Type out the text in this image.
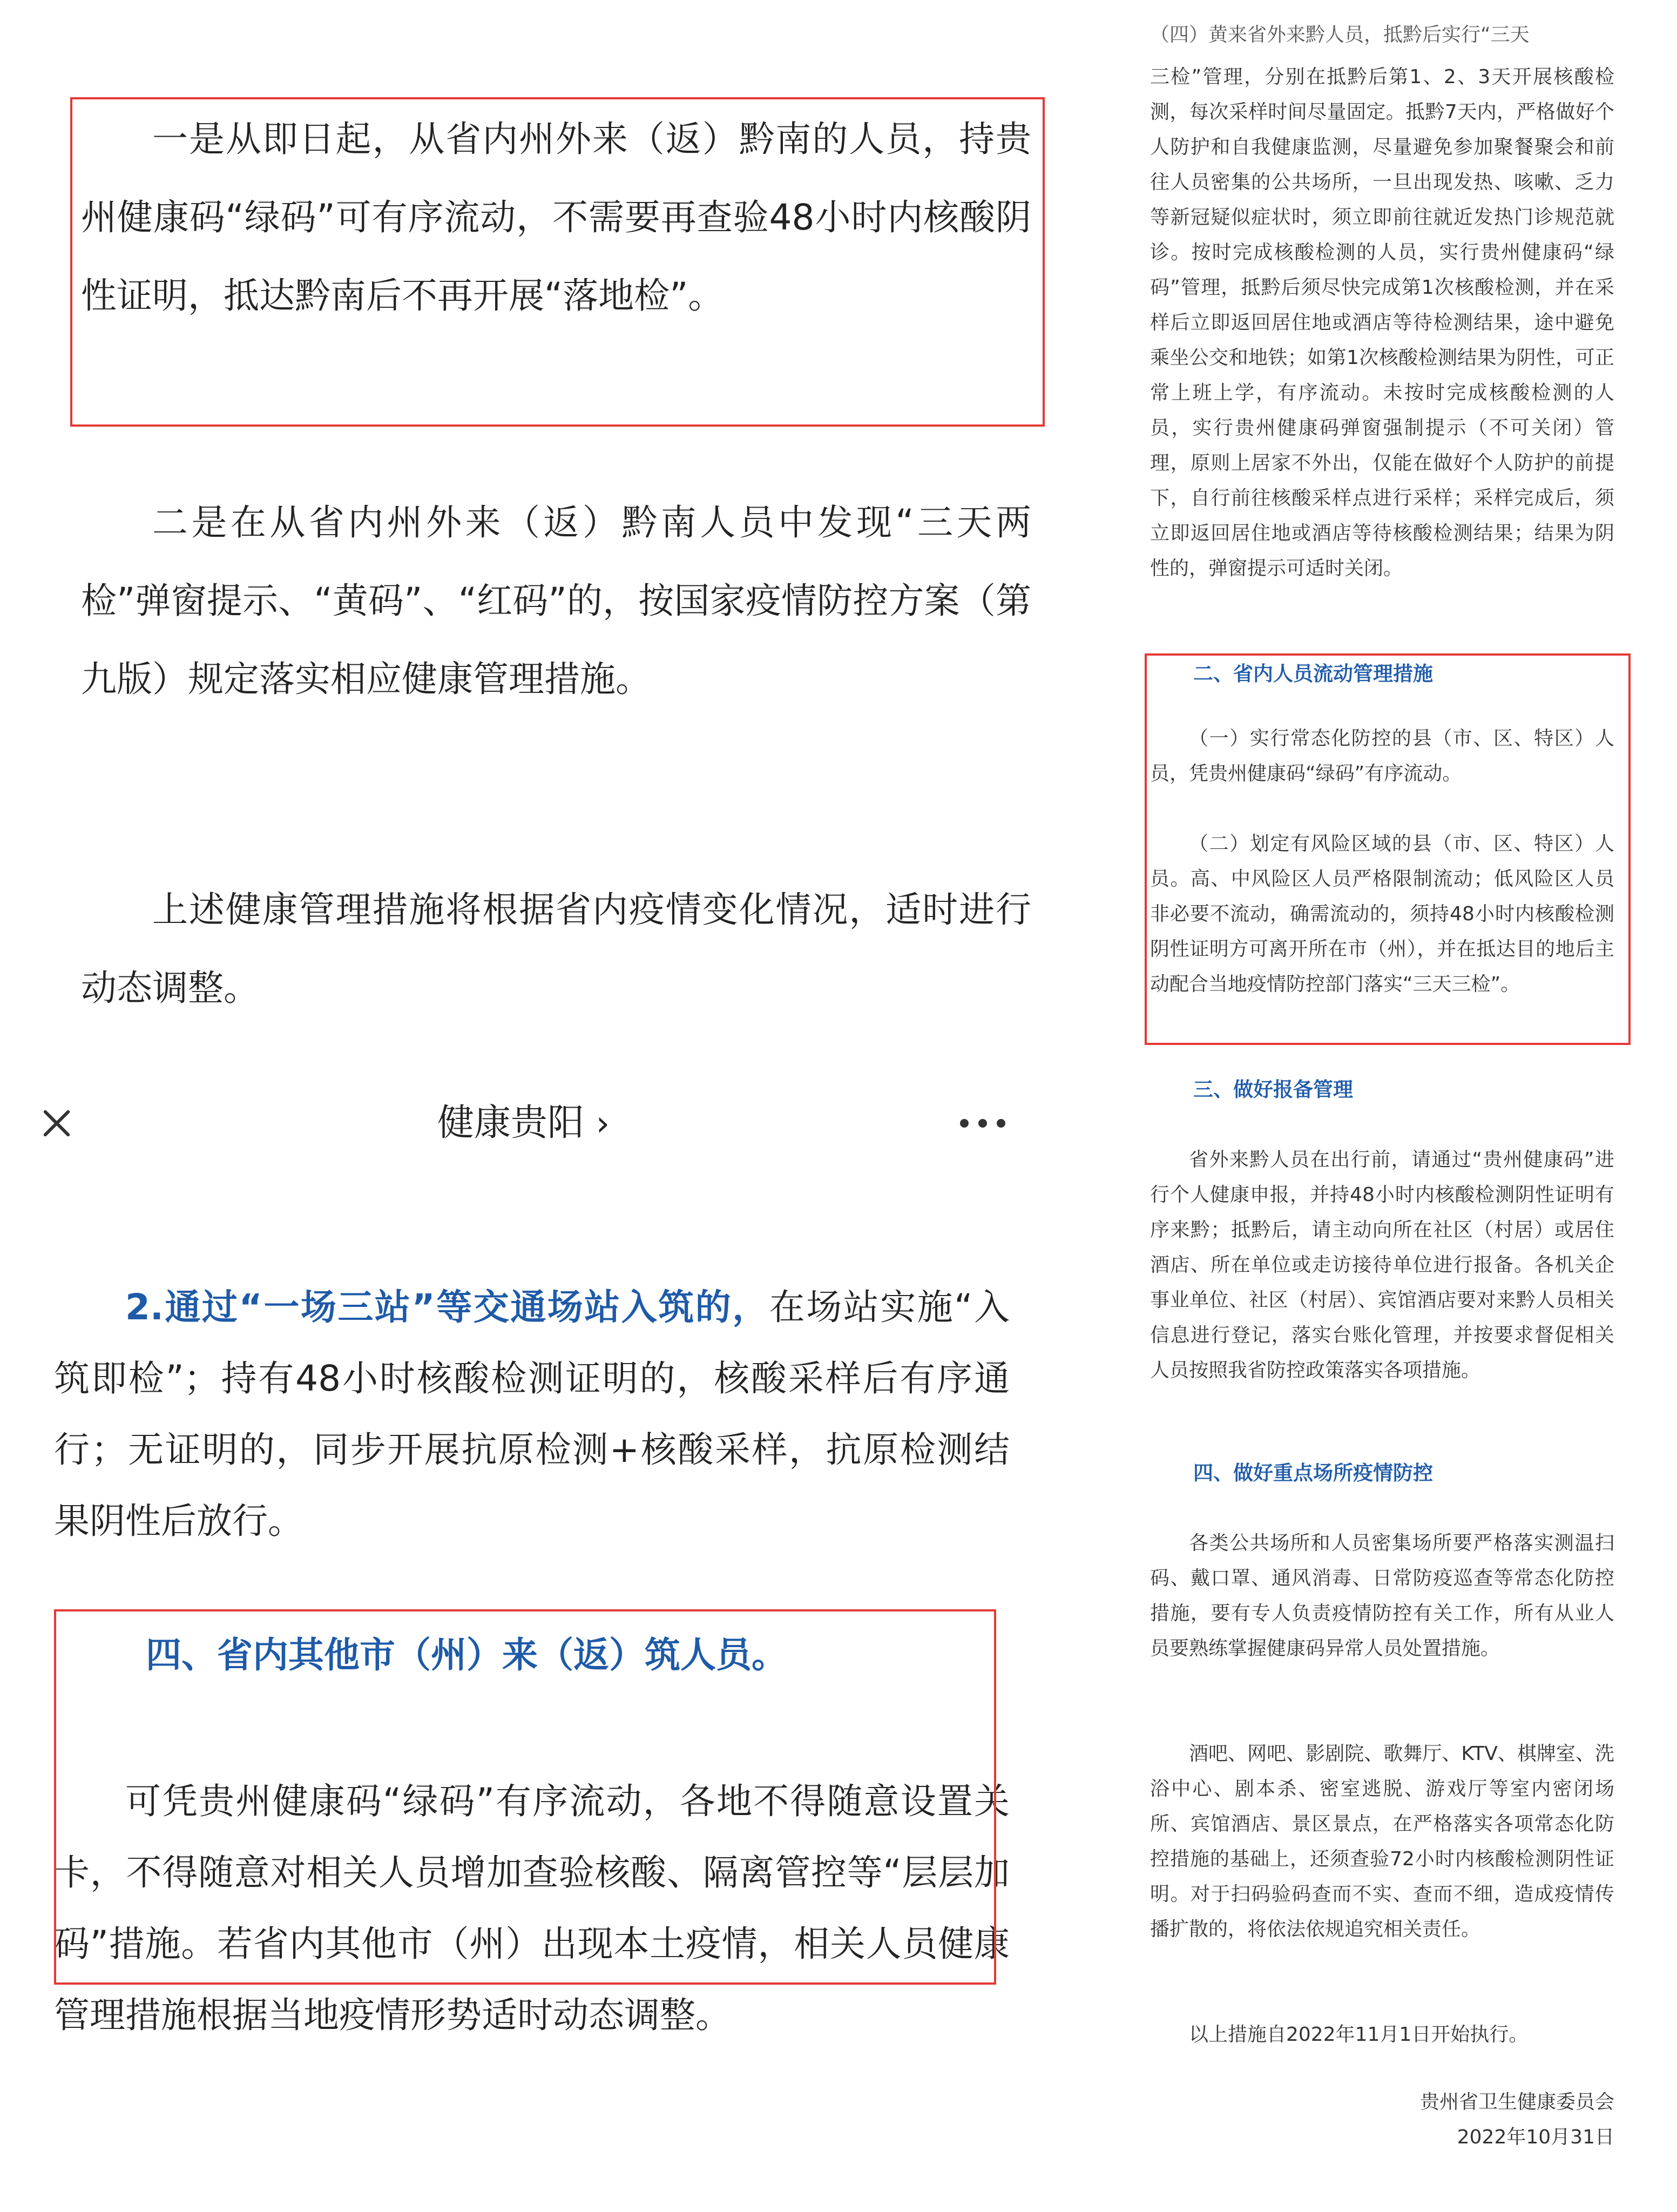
一是从即日起，从省内州外来（返）黔南的人员，持贵州健康码“绿码”可有序流动，不需要再查验48小时内核酸阴性证明，抵达黔南后不再开展“落地检”。

二是在从省内州外来（返）黔南人员中发现“三天两检”弹窗提示、“黄码”、“红码”的，按国家疫情防控方案（第九版）规定落实相应健康管理措施。

上述健康管理措施将根据省内疫情变化情况，适时进行动态调整。

健康贵阳 ›

2.通过“一场三站”等交通场站入筑的，在场站实施“入筑即检”；持有48小时核酸检测证明的，核酸采样后有序通行；无证明的，同步开展抗原检测+核酸采样，抗原检测结果阴性后放行。

四、省内其他市（州）来（返）筑人员。

可凭贵州健康码“绿码”有序流动，各地不得随意设置关卡，不得随意对相关人员增加查验核酸、隔离管控等“层层加码”措施。若省内其他市（州）出现本土疫情，相关人员健康管理措施根据当地疫情形势适时动态调整。

（四）黄来省外来黔人员，抵黔后实行“三天

三检”管理，分别在抵黔后第1、2、3天开展核酸检测，每次采样时间尽量固定。抵黔7天内，严格做好个人防护和自我健康监测，尽量避免参加聚餐聚会和前往人员密集的公共场所，一旦出现发热、咳嗽、乏力等新冠疑似症状时，须立即前往就近发热门诊规范就诊。按时完成核酸检测的人员，实行贵州健康码“绿码”管理，抵黔后须尽快完成第1次核酸检测，并在采样后立即返回居住地或酒店等待检测结果，途中避免乘坐公交和地铁；如第1次核酸检测结果为阴性，可正常上班上学，有序流动。未按时完成核酸检测的人员，实行贵州健康码弹窗强制提示（不可关闭）管理，原则上居家不外出，仅能在做好个人防护的前提下，自行前往核酸采样点进行采样；采样完成后，须立即返回居住地或酒店等待核酸检测结果；结果为阴性的，弹窗提示可适时关闭。

二、省内人员流动管理措施

（一）实行常态化防控的县（市、区、特区）人员，凭贵州健康码“绿码”有序流动。

（二）划定有风险区域的县（市、区、特区）人员。高、中风险区人员严格限制流动；低风险区人员非必要不流动，确需流动的，须持48小时内核酸检测阴性证明方可离开所在市（州），并在抵达目的地后主动配合当地疫情防控部门落实“三天三检”。

三、做好报备管理

省外来黔人员在出行前，请通过“贵州健康码”进行个人健康申报，并持48小时内核酸检测阴性证明有序来黔；抵黔后，请主动向所在社区（村居）或居住酒店、所在单位或走访接待单位进行报备。各机关企事业单位、社区（村居）、宾馆酒店要对来黔人员相关信息进行登记，落实台账化管理，并按要求督促相关人员按照我省防控政策落实各项措施。

四、做好重点场所疫情防控

各类公共场所和人员密集场所要严格落实测温扫码、戴口罩、通风消毒、日常防疫巡查等常态化防控措施，要有专人负责疫情防控有关工作，所有从业人员要熟练掌握健康码异常人员处置措施。

酒吧、网吧、影剧院、歌舞厅、KTV、棋牌室、洗浴中心、剧本杀、密室逃脱、游戏厅等室内密闭场所、宾馆酒店、景区景点，在严格落实各项常态化防控措施的基础上，还须查验72小时内核酸检测阴性证明。对于扫码验码查而不实、查而不细，造成疫情传播扩散的，将依法依规追究相关责任。

以上措施自2022年11月1日开始执行。

贵州省卫生健康委员会

2022年10月31日
